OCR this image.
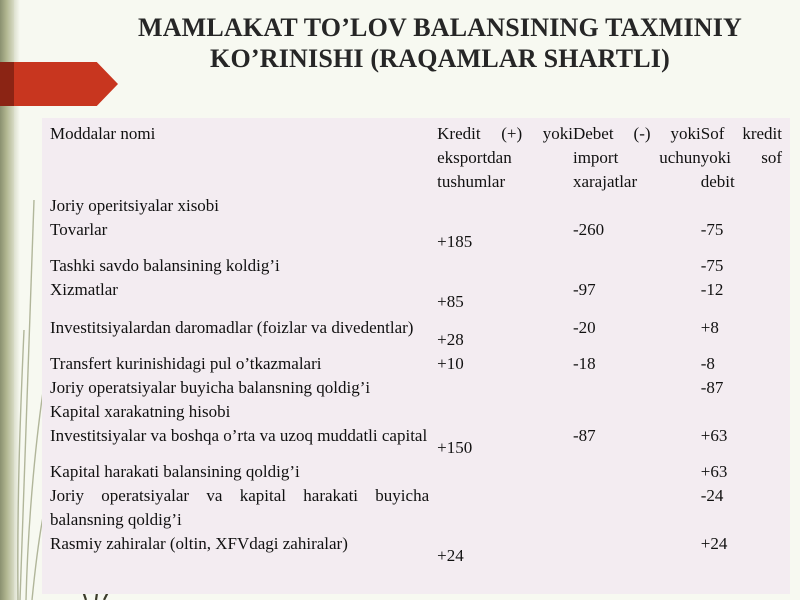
MAMLAKAT TO’LOV BALANSINING TAXMINIY
KO’RINISHI (RAQAMLAR SHARTLI)
Moddalar nomi	Kredit (+) yoki eksportdan tushumlar	Debet (-) yoki import uchun xarajatlar	Sof kredit yoki sof debit
Joriy operitsiyalar xisobi			
Tovarlar	+185	-260	-75
Tashki savdo balansining koldig’i			-75
Xizmatlar	+85	-97	-12
Investitsiyalardan daromadlar (foizlar va divedentlar)	+28	-20	+8
Transfert kurinishidagi pul o’tkazmalari	+10	-18	-8
Joriy operatsiyalar buyicha balansning qoldig’i			-87
Kapital xarakatning hisobi			
Investitsiyalar va boshqa o’rta va uzoq muddatli capital	+150	-87	+63
Kapital harakati balansining qoldig’i			+63
Joriy operatsiyalar va kapital harakati buyicha balansning qoldig’i			-24
Rasmiy zahiralar (oltin, XFVdagi zahiralar)	+24		+24
